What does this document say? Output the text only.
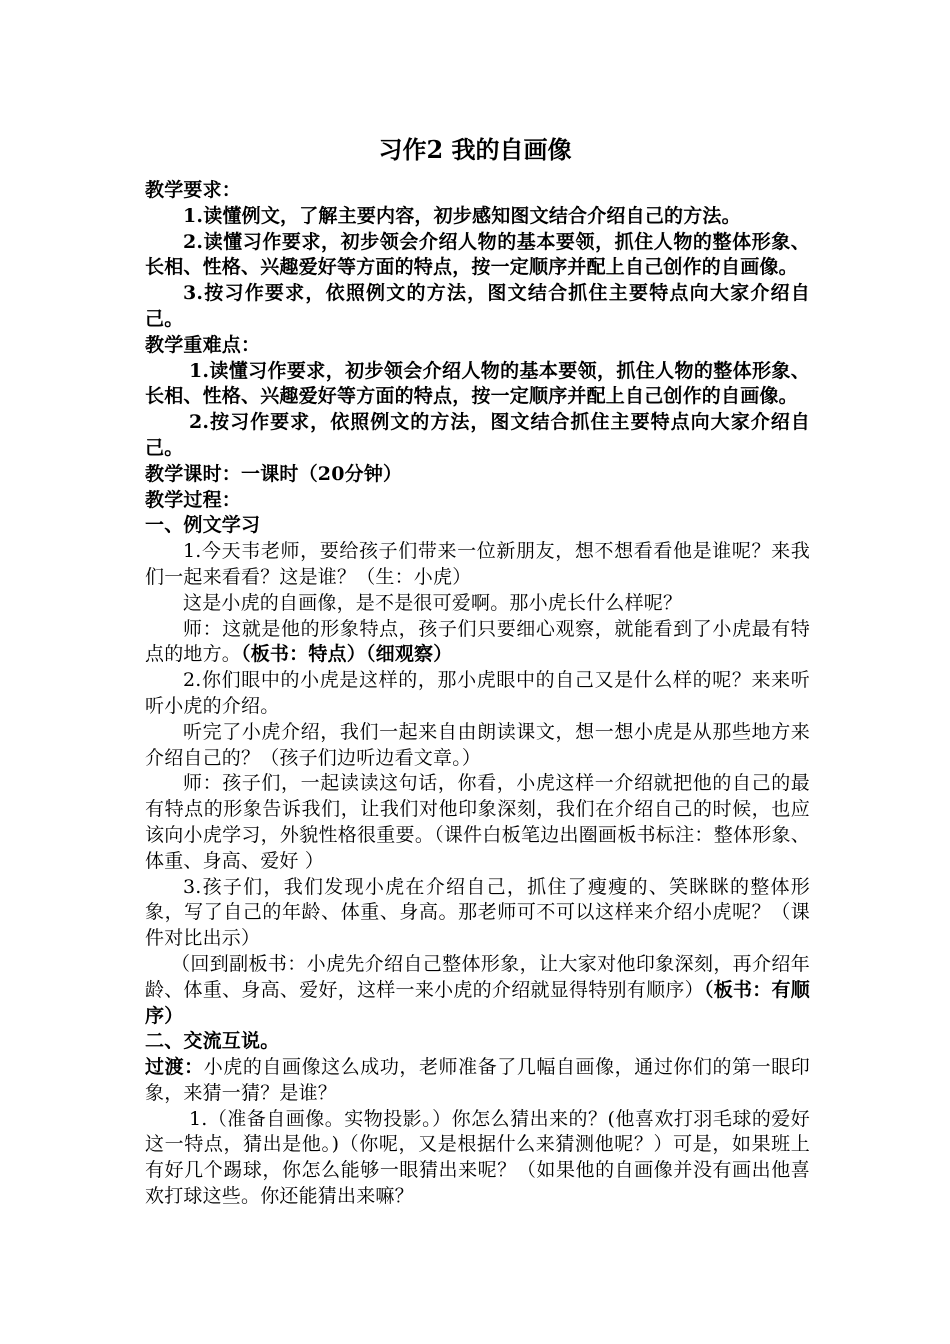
习作2 我的自画像

教学要求：

1.读懂例文，了解主要内容，初步感知图文结合介绍自己的方法。

2.读懂习作要求，初步领会介绍人物的基本要领，抓住人物的整体形象、长相、性格、兴趣爱好等方面的特点，按一定顺序并配上自己创作的自画像。

3.按习作要求，依照例文的方法，图文结合抓住主要特点向大家介绍自己。

教学重难点：

1.读懂习作要求，初步领会介绍人物的基本要领，抓住人物的整体形象、长相、性格、兴趣爱好等方面的特点，按一定顺序并配上自己创作的自画像。

2.按习作要求，依照例文的方法，图文结合抓住主要特点向大家介绍自己。

教学课时：一课时（20分钟）

教学过程：

一、例文学习

1.今天韦老师，要给孩子们带来一位新朋友，想不想看看他是谁呢？来我们一起来看看？这是谁？（生：小虎）

这是小虎的自画像，是不是很可爱啊。那小虎长什么样呢？

师：这就是他的形象特点，孩子们只要细心观察，就能看到了小虎最有特点的地方。（板书：特点）（细观察）

2.你们眼中的小虎是这样的，那小虎眼中的自己又是什么样的呢？来来听听小虎的介绍。

听完了小虎介绍，我们一起来自由朗读课文，想一想小虎是从那些地方来介绍自己的？（孩子们边听边看文章。）

师：孩子们，一起读读这句话，你看，小虎这样一介绍就把他的自己的最有特点的形象告诉我们，让我们对他印象深刻，我们在介绍自己的时候，也应该向小虎学习，外貌性格很重要。（课件白板笔边出圈画板书标注：整体形象、体重、身高、爱好 ）

3.孩子们，我们发现小虎在介绍自己，抓住了瘦瘦的、笑眯眯的整体形象，写了自己的年龄、体重、身高。那老师可不可以这样来介绍小虎呢？（课件对比出示）

（回到副板书：小虎先介绍自己整体形象，让大家对他印象深刻，再介绍年龄、体重、身高、爱好，这样一来小虎的介绍就显得特别有顺序）（板书：有顺序）

二、交流互说。

过渡：小虎的自画像这么成功，老师准备了几幅自画像，通过你们的第一眼印象，来猜一猜？是谁？

1.（准备自画像。实物投影。）你怎么猜出来的？(他喜欢打羽毛球的爱好这一特点，猜出是他。)（你呢，又是根据什么来猜测他呢？）可是，如果班上有好几个踢球，你怎么能够一眼猜出来呢？（如果他的自画像并没有画出他喜欢打球这些。你还能猜出来嘛？
